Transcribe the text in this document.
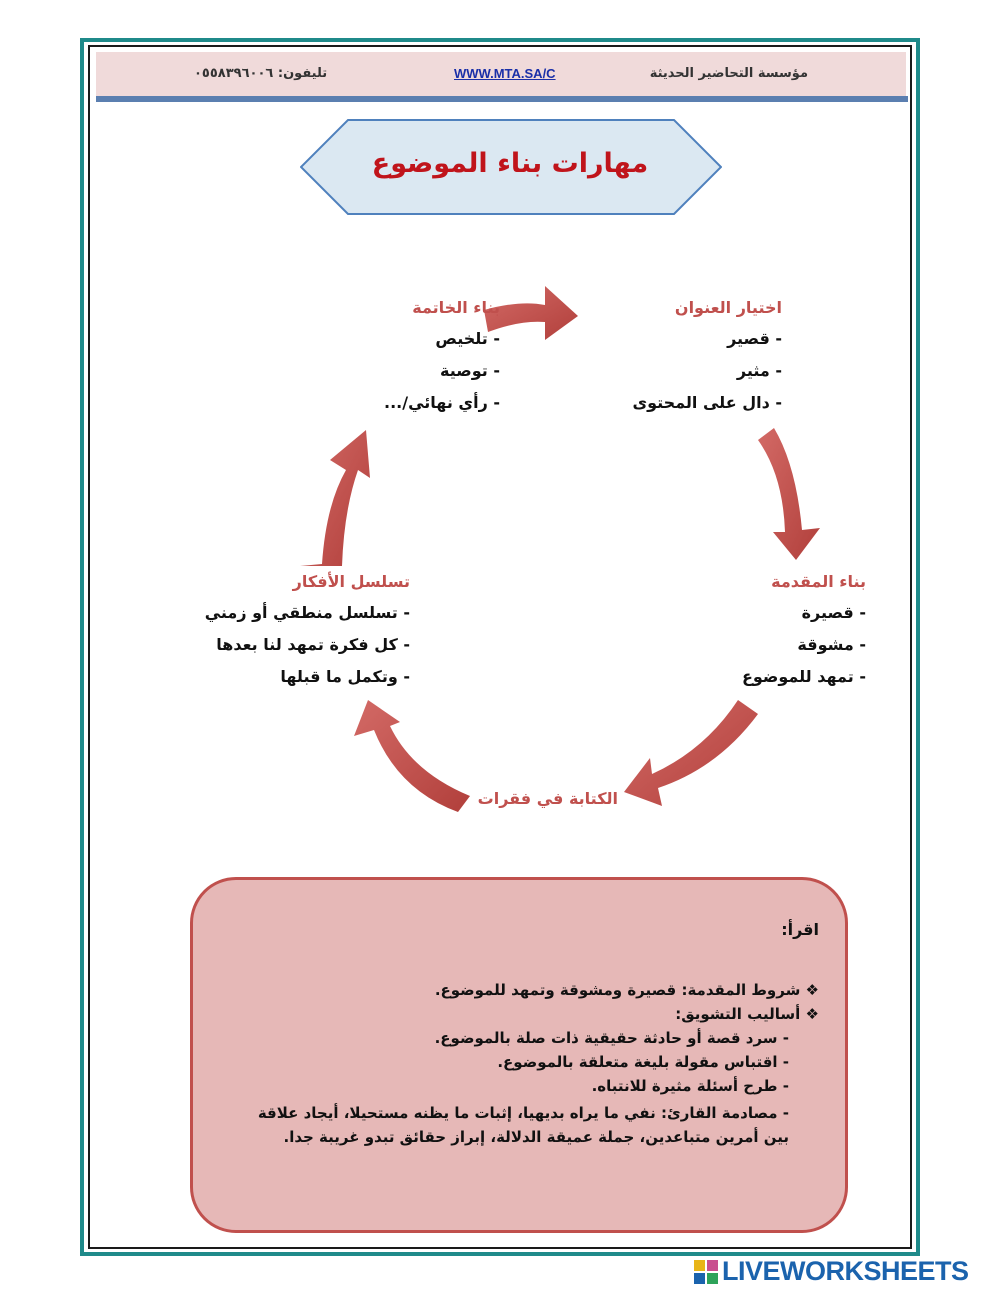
مؤسسة التحاضير الحديثة
WWW.MTA.SA/C
تليفون: ٠٥٥٨٣٩٦٠٠٦
مهارات بناء الموضوع
اختيار العنوان
- قصير
- مثير
- دال على المحتوى
بناء الخاتمة
- تلخيص
- توصية
- رأي نهائي/...
بناء المقدمة
- قصيرة
- مشوقة
- تمهد للموضوع
تسلسل الأفكار
- تسلسل منطقي أو زمني
- كل فكرة تمهد لنا بعدها
- وتكمل ما قبلها
الكتابة في فقرات
اقرأ:
❖ شروط المقدمة: قصيرة ومشوقة وتمهد للموضوع.
❖ أساليب التشويق:
- سرد قصة أو حادثة حقيقية ذات صلة بالموضوع.
- اقتباس مقولة بليغة متعلقة بالموضوع.
- طرح أسئلة مثيرة للانتباه.
- مصادمة القارئ: نفي ما يراه بديهيا، إثبات ما يظنه مستحيلا، أيجاد علاقة بين أمرين متباعدين، جملة عميقة الدلالة، إبراز حقائق تبدو غريبة جدا.
LIVEWORKSHEETS
